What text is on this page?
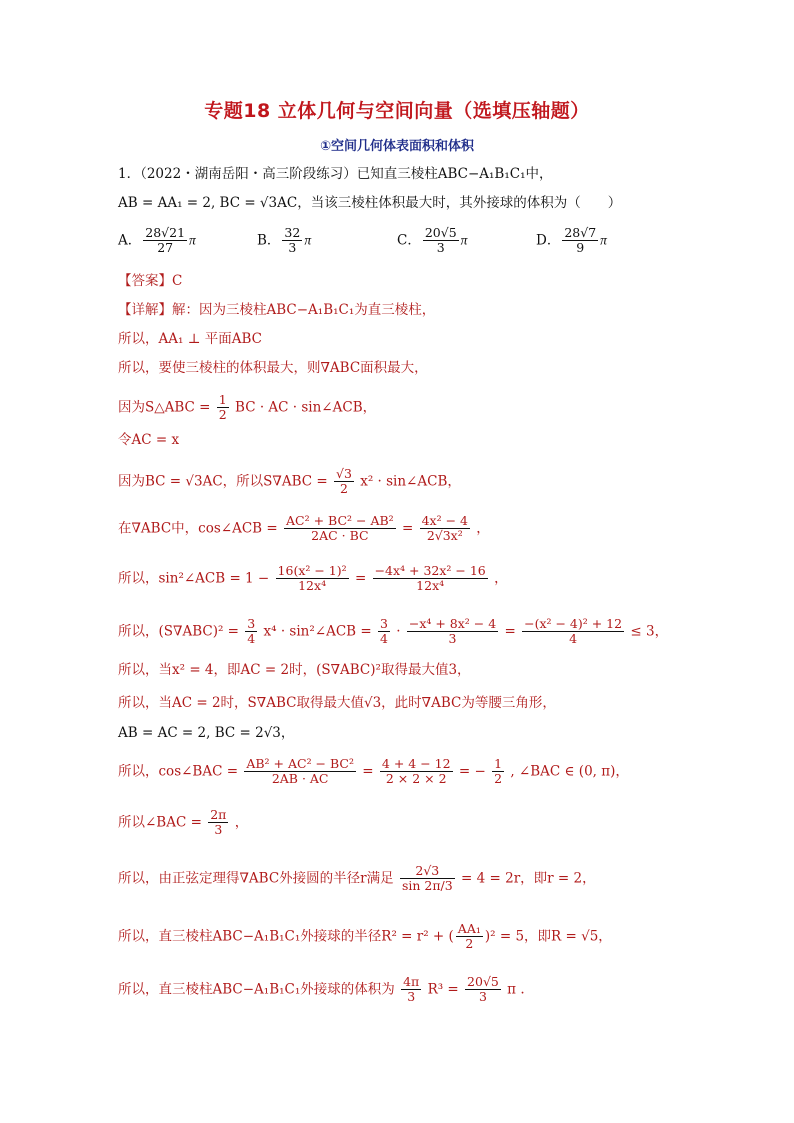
专题18 立体几何与空间向量（选填压轴题）
①空间几何体表面积和体积
1．（2022・湖南岳阳・高三阶段练习）已知直三棱柱ABC−A₁B₁C₁中，
AB = AA₁ = 2, BC = √3AC，当该三棱柱体积最大时，其外接球的体积为（　　）
A． $\frac{28√21}{27}$ π	B． $\frac{32}{3}$ π	C． $\frac{20√5}{3}$ π	D． $\frac{28√7}{9}$ π
【答案】C
【详解】解：因为三棱柱ABC−A₁B₁C₁为直三棱柱，
所以，AA₁ ⊥ 平面ABC
所以，要使三棱柱的体积最大，则∇ABC面积最大，
因为S△ABC = $\frac{1}{2}$ BC · AC · sin∠ACB，
令AC = x
因为BC = √3AC，所以$S\nabla ABC = \frac{√3}{2} x^2$ · sin∠ACB，
在∇ABC中，cos∠ACB = $\frac{\text{AC² + BC² − AB²}}{2AC \cdot BC} = \frac{\text{4x² − 4}}{\text{2√3x²}}$ ，
所以，sin²∠ACB = $1 - \frac{\text{16(x² − 1)²}}{\text{12x⁴}} = \frac{\text{−4x⁴ + 32x² − 16}}{\text{12x⁴}}$ ，
所以，$(S\nabla ABC)^2 = \frac{3}{4} x^4$ · sin²∠ACB = $\frac{3}{4} \cdot \frac{\text{−x⁴ + 8x² − 4}}{3} = \frac{\text{−(x² − 4)² + 12}}{4} \le 3$，
所以，当x² = 4，即AC = 2时，(S∇ABC)²取得最大值3，
所以，当AC = 2时，S∇ABC取得最大值√3，此时∇ABC为等腰三角形，
AB = AC = 2, BC = 2√3，
所以，cos∠BAC = $\frac{\text{AB² + AC² − BC²}}{2AB \cdot AC} = \frac{4 + 4 - 12}{2 \times 2 \times 2}$ = − $\frac{1}{2}$ , ∠BAC ∈ (0, π)，
所以∠BAC = $\frac{2\pi}{3}$ ，
所以，由正弦定理得∇ABC外接圆的半径r满足 $\frac{2√3}{\sin 2\pi/3} = 4 = 2r$，即r = 2，
所以，直三棱柱ABC−A₁B₁C₁外接球的半径R² = r² + ( $\frac{\text{AA₁}}{2} )^2 = 5$，即R = √5，
所以，直三棱柱ABC−A₁B₁C₁外接球的体积为 $\frac{4\pi}{3} R^3 = \frac{20√5}{3}$ π .
